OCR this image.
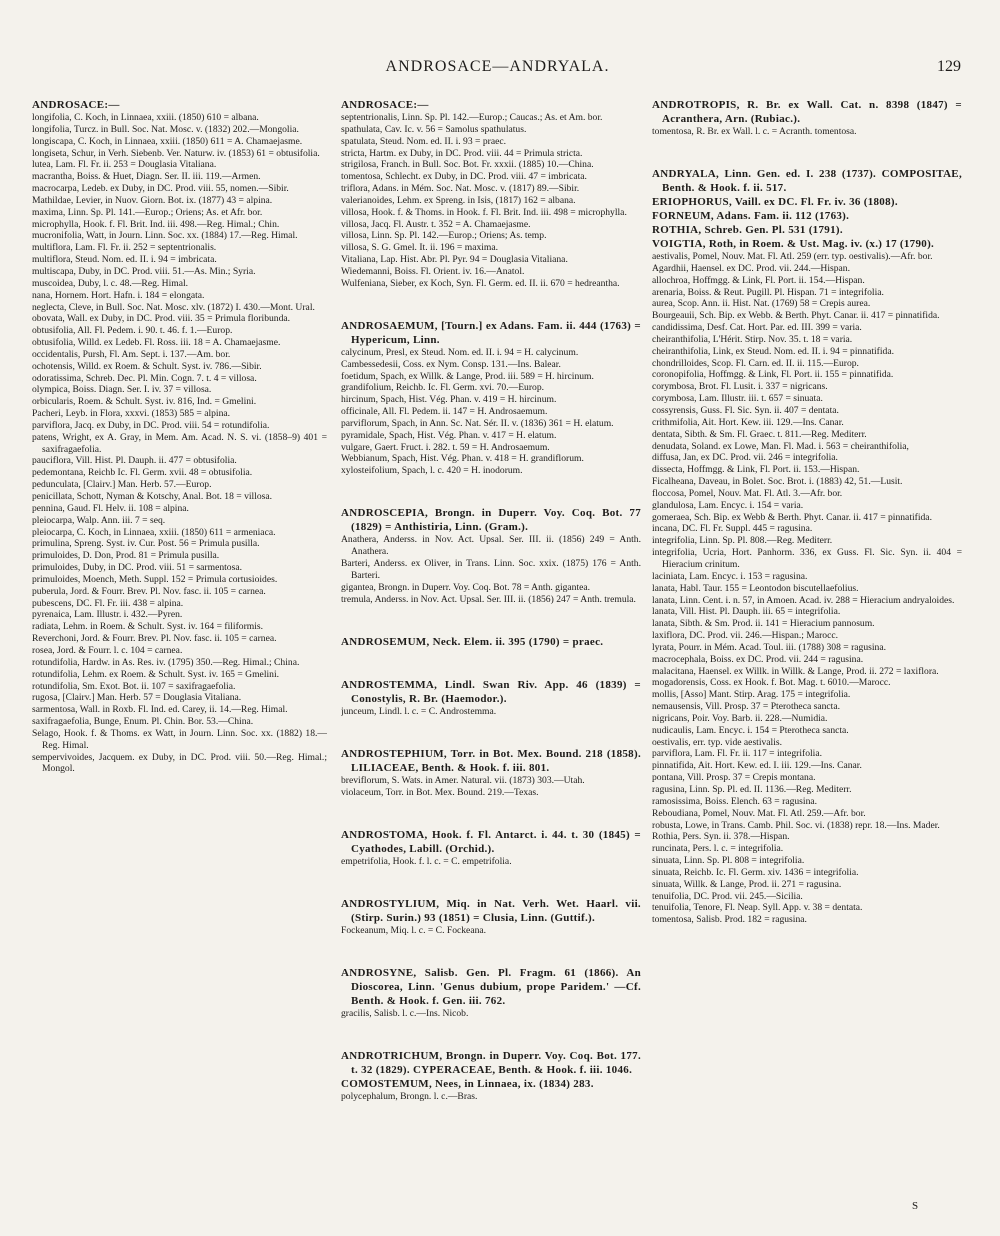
ANDROSACE—ANDRYALA.	129

ANDROSACE:—

longifolia, C. Koch, in Linnaea, xxiii. (1850) 610 = albana.

longifolia, Turcz. in Bull. Soc. Nat. Mosc. v. (1832) 202.—Mongolia.

longiscapa, C. Koch, in Linnaea, xxiii. (1850) 611 = A. Chamaejasme.

longiseta, Schur, in Verh. Siebenb. Ver. Naturw. iv. (1853) 61 = obtusifolia.

lutea, Lam. Fl. Fr. ii. 253 = Douglasia Vitaliana.

macrantha, Boiss. & Huet, Diagn. Ser. II. iii. 119.—Armen.

macrocarpa, Ledeb. ex Duby, in DC. Prod. viii. 55, nomen.—Sibir.

Mathildae, Levier, in Nuov. Giorn. Bot. ix. (1877) 43 = alpina.

maxima, Linn. Sp. Pl. 141.—Europ.; Oriens; As. et Afr. bor.

microphylla, Hook. f. Fl. Brit. Ind. iii. 498.—Reg. Himal.; Chin.

mucronifolia, Watt, in Journ. Linn. Soc. xx. (1884) 17.—Reg. Himal.

multiflora, Lam. Fl. Fr. ii. 252 = septentrionalis.

multiflora, Steud. Nom. ed. II. i. 94 = imbricata.

multiscapa, Duby, in DC. Prod. viii. 51.—As. Min.; Syria.

muscoidea, Duby, l. c. 48.—Reg. Himal.

nana, Hornem. Hort. Hafn. i. 184 = elongata.

neglecta, Cleve, in Bull. Soc. Nat. Mosc. xlv. (1872) I. 430.—Mont. Ural.

obovata, Wall. ex Duby, in DC. Prod. viii. 35 = Primula floribunda.

obtusifolia, All. Fl. Pedem. i. 90. t. 46. f. 1.—Europ.

obtusifolia, Willd. ex Ledeb. Fl. Ross. iii. 18 = A. Chamaejasme.

occidentalis, Pursh, Fl. Am. Sept. i. 137.—Am. bor.

ochotensis, Willd. ex Roem. & Schult. Syst. iv. 786.—Sibir.

odoratissima, Schreb. Dec. Pl. Min. Cogn. 7. t. 4 = villosa.

olympica, Boiss. Diagn. Ser. I. iv. 37 = villosa.

orbicularis, Roem. & Schult. Syst. iv. 816, Ind. = Gmelini.

Pacheri, Leyb. in Flora, xxxvi. (1853) 585 = alpina.

parviflora, Jacq. ex Duby, in DC. Prod. viii. 54 = rotundifolia.

patens, Wright, ex A. Gray, in Mem. Am. Acad. N. S. vi. (1858–9) 401 = saxifragaefolia.

pauciflora, Vill. Hist. Pl. Dauph. ii. 477 = obtusifolia.

pedemontana, Reichb Ic. Fl. Germ. xvii. 48 = obtusifolia.

pedunculata, [Clairv.] Man. Herb. 57.—Europ.

penicillata, Schott, Nyman & Kotschy, Anal. Bot. 18 = villosa.

pennina, Gaud. Fl. Helv. ii. 108 = alpina.

pleiocarpa, Walp. Ann. iii. 7 = seq.

pleiocarpa, C. Koch, in Linnaea, xxiii. (1850) 611 = armeniaca.

primulina, Spreng. Syst. iv. Cur. Post. 56 = Primula pusilla.

primuloides, D. Don, Prod. 81 = Primula pusilla.

primuloides, Duby, in DC. Prod. viii. 51 = sarmentosa.

primuloides, Moench, Meth. Suppl. 152 = Primula cortusioides.

puberula, Jord. & Fourr. Brev. Pl. Nov. fasc. ii. 105 = carnea.

pubescens, DC. Fl. Fr. iii. 438 = alpina.

pyrenaica, Lam. Illustr. i. 432.—Pyren.

radiata, Lehm. in Roem. & Schult. Syst. iv. 164 = filiformis.

Reverchoni, Jord. & Fourr. Brev. Pl. Nov. fasc. ii. 105 = carnea.

rosea, Jord. & Fourr. l. c. 104 = carnea.

rotundifolia, Hardw. in As. Res. iv. (1795) 350.—Reg. Himal.; China.

rotundifolia, Lehm. ex Roem. & Schult. Syst. iv. 165 = Gmelini.

rotundifolia, Sm. Exot. Bot. ii. 107 = saxifragaefolia.

rugosa, [Clairv.] Man. Herb. 57 = Douglasia Vitaliana.

sarmentosa, Wall. in Roxb. Fl. Ind. ed. Carey, ii. 14.—Reg. Himal.

saxifragaefolia, Bunge, Enum. Pl. Chin. Bor. 53.—China.

Selago, Hook. f. & Thoms. ex Watt, in Journ. Linn. Soc. xx. (1882) 18.—Reg. Himal.

sempervivoides, Jacquem. ex Duby, in DC. Prod. viii. 50.—Reg. Himal.; Mongol.

ANDROSACE:—

septentrionalis, Linn. Sp. Pl. 142.—Europ.; Caucas.; As. et Am. bor.

spathulata, Cav. Ic. v. 56 = Samolus spathulatus.

spatulata, Steud. Nom. ed. II. i. 93 = praec.

stricta, Hartm. ex Duby, in DC. Prod. viii. 44 = Primula stricta.

strigilosa, Franch. in Bull. Soc. Bot. Fr. xxxii. (1885) 10.—China.

tomentosa, Schlecht. ex Duby, in DC. Prod. viii. 47 = imbricata.

triflora, Adans. in Mém. Soc. Nat. Mosc. v. (1817) 89.—Sibir.

valerianoides, Lehm. ex Spreng. in Isis, (1817) 162 = albana.

villosa, Hook. f. & Thoms. in Hook. f. Fl. Brit. Ind. iii. 498 = microphylla.

villosa, Jacq. Fl. Austr. t. 352 = A. Chamaejasme.

villosa, Linn. Sp. Pl. 142.—Europ.; Oriens; As. temp.

villosa, S. G. Gmel. It. ii. 196 = maxima.

Vitaliana, Lap. Hist. Abr. Pl. Pyr. 94 = Douglasia Vitaliana.

Wiedemanni, Boiss. Fl. Orient. iv. 16.—Anatol.

Wulfeniana, Sieber, ex Koch, Syn. Fl. Germ. ed. II. ii. 670 = hedreantha.

ANDROSAEMUM, [Tourn.] ex Adans. Fam. ii. 444 (1763) = Hypericum, Linn.

calycinum, Presl, ex Steud. Nom. ed. II. i. 94 = H. calycinum.

Cambessedesii, Coss. ex Nym. Consp. 131.—Ins. Balear.

foetidum, Spach, ex Willk. & Lange, Prod. iii. 589 = H. hircinum.

grandifolium, Reichb. Ic. Fl. Germ. xvi. 70.—Europ.

hircinum, Spach, Hist. Vég. Phan. v. 419 = H. hircinum.

officinale, All. Fl. Pedem. ii. 147 = H. Androsaemum.

parviflorum, Spach, in Ann. Sc. Nat. Sér. II. v. (1836) 361 = H. elatum.

pyramidale, Spach, Hist. Vég. Phan. v. 417 = H. elatum.

vulgare, Gaert. Fruct. i. 282. t. 59 = H. Androsaemum.

Webbianum, Spach, Hist. Vég. Phan. v. 418 = H. grandiflorum.

xylosteifolium, Spach, l. c. 420 = H. inodorum.

ANDROSCEPIA, Brongn. in Duperr. Voy. Coq. Bot. 77 (1829) = Anthistiria, Linn. (Gram.).

Anathera, Anderss. in Nov. Act. Upsal. Ser. III. ii. (1856) 249 = Anth. Anathera.

Barteri, Anderss. ex Oliver, in Trans. Linn. Soc. xxix. (1875) 176 = Anth. Barteri.

gigantea, Brongn. in Duperr. Voy. Coq. Bot. 78 = Anth. gigantea.

tremula, Anderss. in Nov. Act. Upsal. Ser. III. ii. (1856) 247 = Anth. tremula.

ANDROSEMUM, Neck. Elem. ii. 395 (1790) = praec.

ANDROSTEMMA, Lindl. Swan Riv. App. 46 (1839) = Conostylis, R. Br. (Haemodor.).

junceum, Lindl. l. c. = C. Androstemma.

ANDROSTEPHIUM, Torr. in Bot. Mex. Bound. 218 (1858). LILIACEAE, Benth. & Hook. f. iii. 801.

breviflorum, S. Wats. in Amer. Natural. vii. (1873) 303.—Utah.

violaceum, Torr. in Bot. Mex. Bound. 219.—Texas.

ANDROSTOMA, Hook. f. Fl. Antarct. i. 44. t. 30 (1845) = Cyathodes, Labill. (Orchid.).

empetrifolia, Hook. f. l. c. = C. empetrifolia.

ANDROSTYLIUM, Miq. in Nat. Verh. Wet. Haarl. vii. (Stirp. Surin.) 93 (1851) = Clusia, Linn. (Guttif.).

Fockeanum, Miq. l. c. = C. Fockeana.

ANDROSYNE, Salisb. Gen. Pl. Fragm. 61 (1866). An Dioscorea, Linn. 'Genus dubium, prope Paridem.' —Cf. Benth. & Hook. f. Gen. iii. 762.

gracilis, Salisb. l. c.—Ins. Nicob.

ANDROTRICHUM, Brongn. in Duperr. Voy. Coq. Bot. 177. t. 32 (1829). CYPERACEAE, Benth. & Hook. f. iii. 1046.

COMOSTEMUM, Nees, in Linnaea, ix. (1834) 283.

polycephalum, Brongn. l. c.—Bras.

ANDROTROPIS, R. Br. ex Wall. Cat. n. 8398 (1847) = Acranthera, Arn. (Rubiac.).

tomentosa, R. Br. ex Wall. l. c. = Acranth. tomentosa.

ANDRYALA, Linn. Gen. ed. I. 238 (1737). COMPOSITAE, Benth. & Hook. f. ii. 517.

ERIOPHORUS, Vaill. ex DC. Fl. Fr. iv. 36 (1808).

FORNEUM, Adans. Fam. ii. 112 (1763).

ROTHIA, Schreb. Gen. Pl. 531 (1791).

VOIGTIA, Roth, in Roem. & Ust. Mag. iv. (x.) 17 (1790).

aestivalis, Pomel, Nouv. Mat. Fl. Atl. 259 (err. typ. oestivalis).—Afr. bor.

Agardhii, Haensel. ex DC. Prod. vii. 244.—Hispan.

allochroa, Hoffmgg. & Link, Fl. Port. ii. 154.—Hispan.

arenaria, Boiss. & Reut. Pugill. Pl. Hispan. 71 = integrifolia.

aurea, Scop. Ann. ii. Hist. Nat. (1769) 58 = Crepis aurea.

Bourgeauii, Sch. Bip. ex Webb. & Berth. Phyt. Canar. ii. 417 = pinnatifida.

candidissima, Desf. Cat. Hort. Par. ed. III. 399 = varia.

cheiranthifolia, L'Hérit. Stirp. Nov. 35. t. 18 = varia.

cheiranthifolia, Link, ex Steud. Nom. ed. II. i. 94 = pinnatifida.

chondrilloides, Scop. Fl. Carn. ed. II. ii. 115.—Europ.

coronopifolia, Hoffmgg. & Link, Fl. Port. ii. 155 = pinnatifida.

corymbosa, Brot. Fl. Lusit. i. 337 = nigricans.

corymbosa, Lam. Illustr. iii. t. 657 = sinuata.

cossyrensis, Guss. Fl. Sic. Syn. ii. 407 = dentata.

crithmifolia, Ait. Hort. Kew. iii. 129.—Ins. Canar.

dentata, Sibth. & Sm. Fl. Graec. t. 811.—Reg. Mediterr.

denudata, Soland. ex Lowe, Man. Fl. Mad. i. 563 = cheiranthifolia,

diffusa, Jan, ex DC. Prod. vii. 246 = integrifolia.

dissecta, Hoffmgg. & Link, Fl. Port. ii. 153.—Hispan.

Ficalheana, Daveau, in Bolet. Soc. Brot. i. (1883) 42, 51.—Lusit.

floccosa, Pomel, Nouv. Mat. Fl. Atl. 3.—Afr. bor.

glandulosa, Lam. Encyc. i. 154 = varia.

gomeraea, Sch. Bip. ex Webb & Berth. Phyt. Canar. ii. 417 = pinnatifida.

incana, DC. Fl. Fr. Suppl. 445 = ragusina.

integrifolia, Linn. Sp. Pl. 808.—Reg. Mediterr.

integrifolia, Ucria, Hort. Panhorm. 336, ex Guss. Fl. Sic. Syn. ii. 404 = Hieracium crinitum.

laciniata, Lam. Encyc. i. 153 = ragusina.

lanata, Habl. Taur. 155 = Leontodon biscutellaefolius.

lanata, Linn. Cent. i. n. 57, in Amoen. Acad. iv. 288 = Hieracium andryaloides.

lanata, Vill. Hist. Pl. Dauph. iii. 65 = integrifolia.

lanata, Sibth. & Sm. Prod. ii. 141 = Hieracium pannosum.

laxiflora, DC. Prod. vii. 246.—Hispan.; Marocc.

lyrata, Pourr. in Mém. Acad. Toul. iii. (1788) 308 = ragusina.

macrocephala, Boiss. ex DC. Prod. vii. 244 = ragusina.

malacitana, Haensel. ex Willk. in Willk. & Lange, Prod. ii. 272 = laxiflora.

mogadorensis, Coss. ex Hook. f. Bot. Mag. t. 6010.—Marocc.

mollis, [Asso] Mant. Stirp. Arag. 175 = integrifolia.

nemausensis, Vill. Prosp. 37 = Pterotheca sancta.

nigricans, Poir. Voy. Barb. ii. 228.—Numidia.

nudicaulis, Lam. Encyc. i. 154 = Pterotheca sancta.

oestivalis, err. typ. vide aestivalis.

parviflora, Lam. Fl. Fr. ii. 117 = integrifolia.

pinnatifida, Ait. Hort. Kew. ed. I. iii. 129.—Ins. Canar.

pontana, Vill. Prosp. 37 = Crepis montana.

ragusina, Linn. Sp. Pl. ed. II. 1136.—Reg. Mediterr.

ramosissima, Boiss. Elench. 63 = ragusina.

Reboudiana, Pomel, Nouv. Mat. Fl. Atl. 259.—Afr. bor.

robusta, Lowe, in Trans. Camb. Phil. Soc. vi. (1838) repr. 18.—Ins. Mader.

Rothia, Pers. Syn. ii. 378.—Hispan.

runcinata, Pers. l. c. = integrifolia.

sinuata, Linn. Sp. Pl. 808 = integrifolia.

sinuata, Reichb. Ic. Fl. Germ. xiv. 1436 = integrifolia.

sinuata, Willk. & Lange, Prod. ii. 271 = ragusina.

tenuifolia, DC. Prod. vii. 245.—Sicilia.

tenuifolia, Tenore, Fl. Neap. Syll. App. v. 38 = dentata.

tomentosa, Salisb. Prod. 182 = ragusina.

S
